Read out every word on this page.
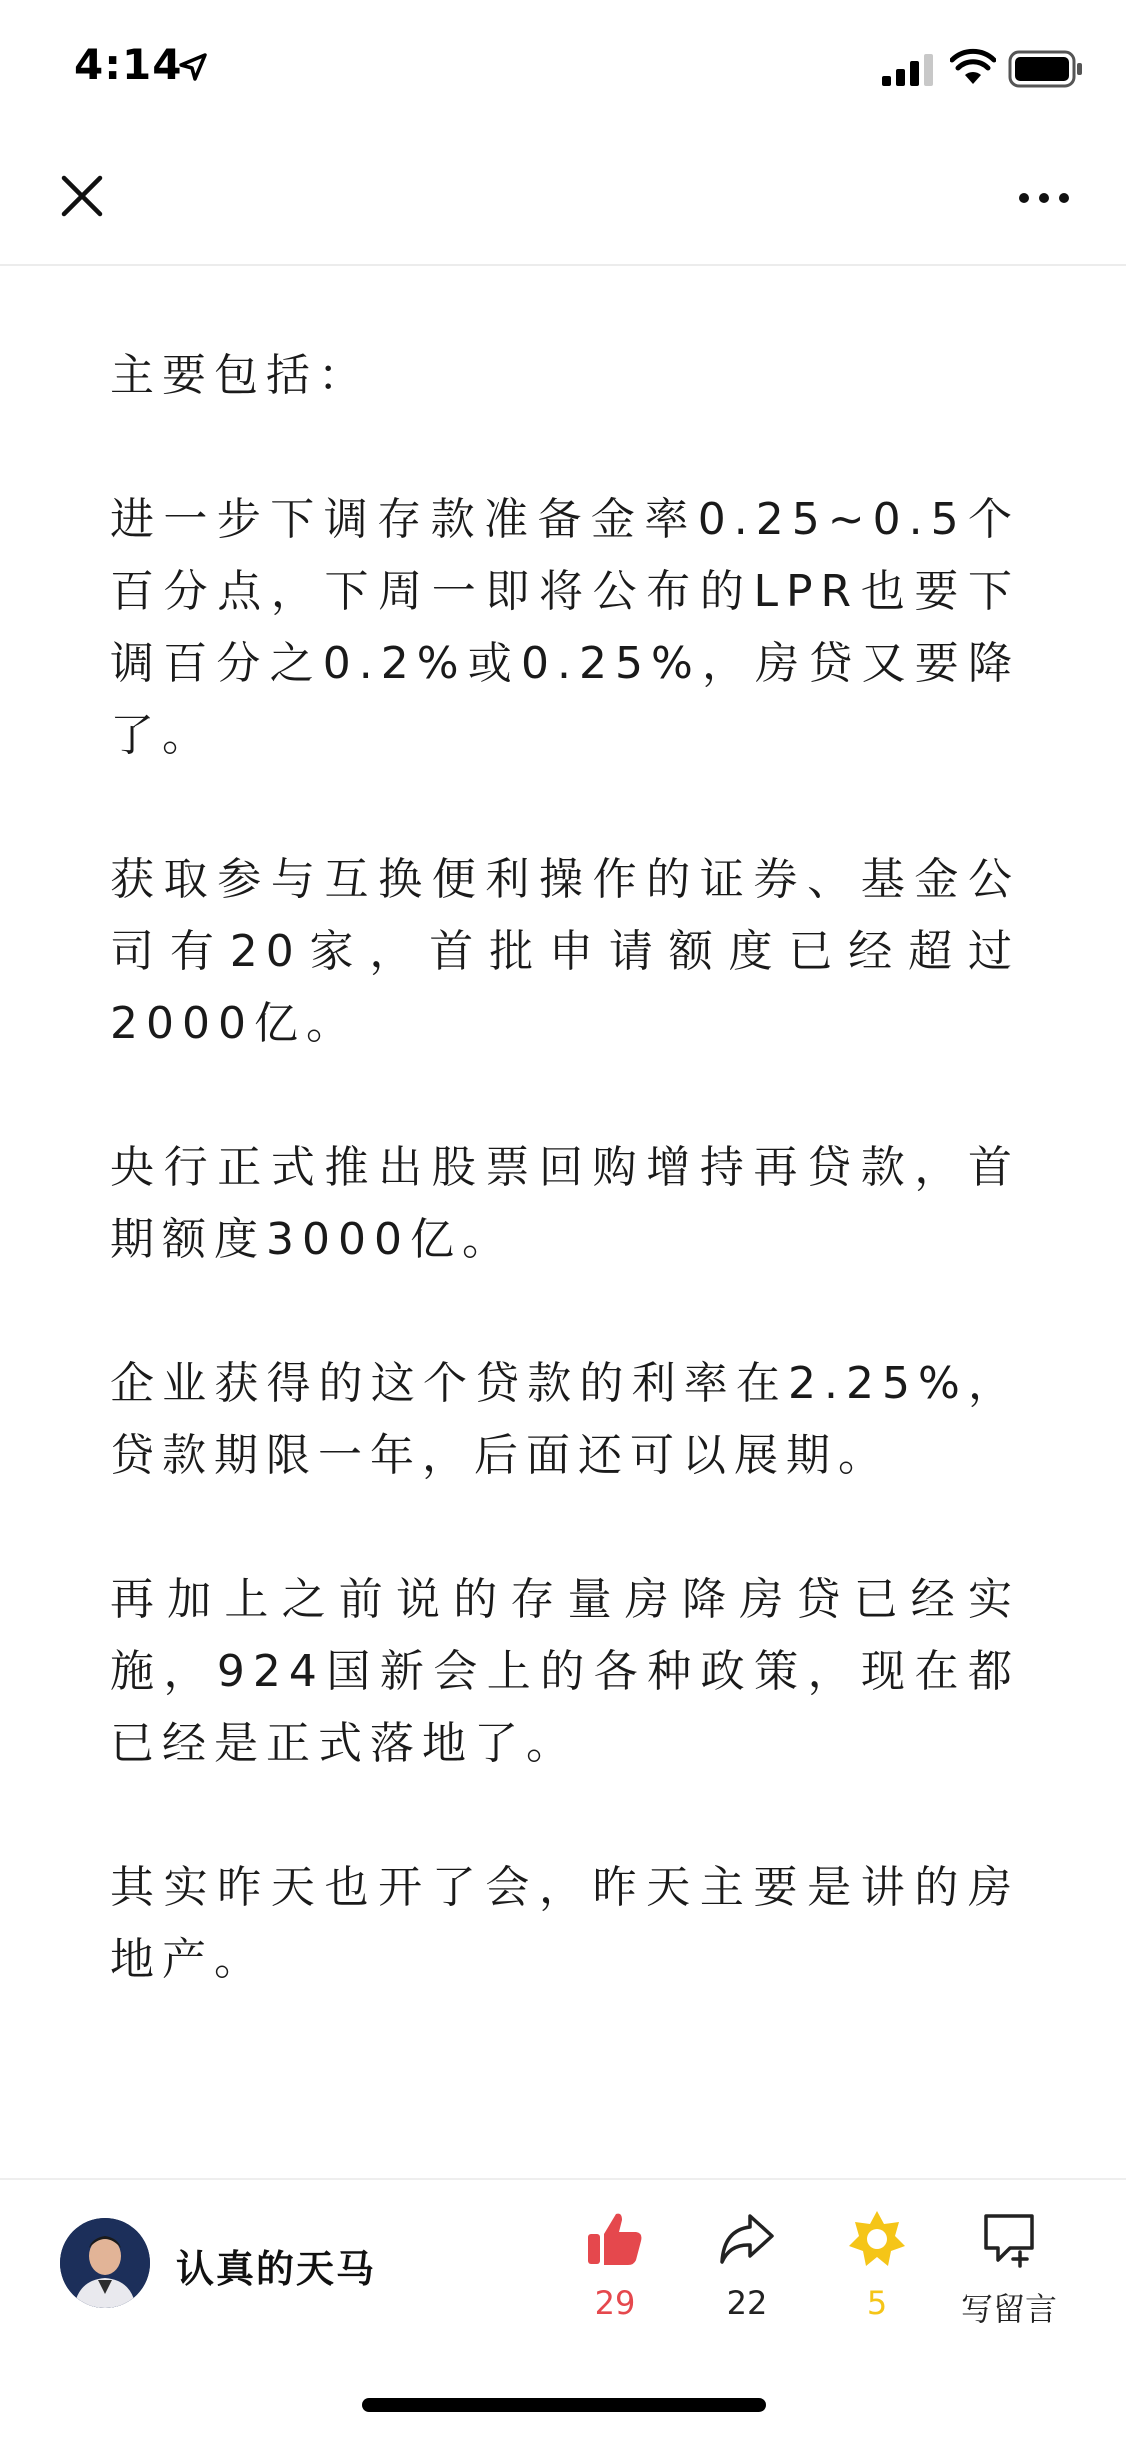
4:14

主要包括：

进一步下调存款准备金率0.25~0.5个百分点，下周一即将公布的LPR也要下调百分之0.2%或0.25%，房贷又要降了。

获取参与互换便利操作的证券、基金公司有20家，首批申请额度已经超过2000亿。

央行正式推出股票回购增持再贷款，首期额度3000亿。

企业获得的这个贷款的利率在2.25%，贷款期限一年，后面还可以展期。

再加上之前说的存量房降房贷已经实施，924国新会上的各种政策，现在都已经是正式落地了。

其实昨天也开了会，昨天主要是讲的房地产。

认真的天马
29	22	5	写留言
